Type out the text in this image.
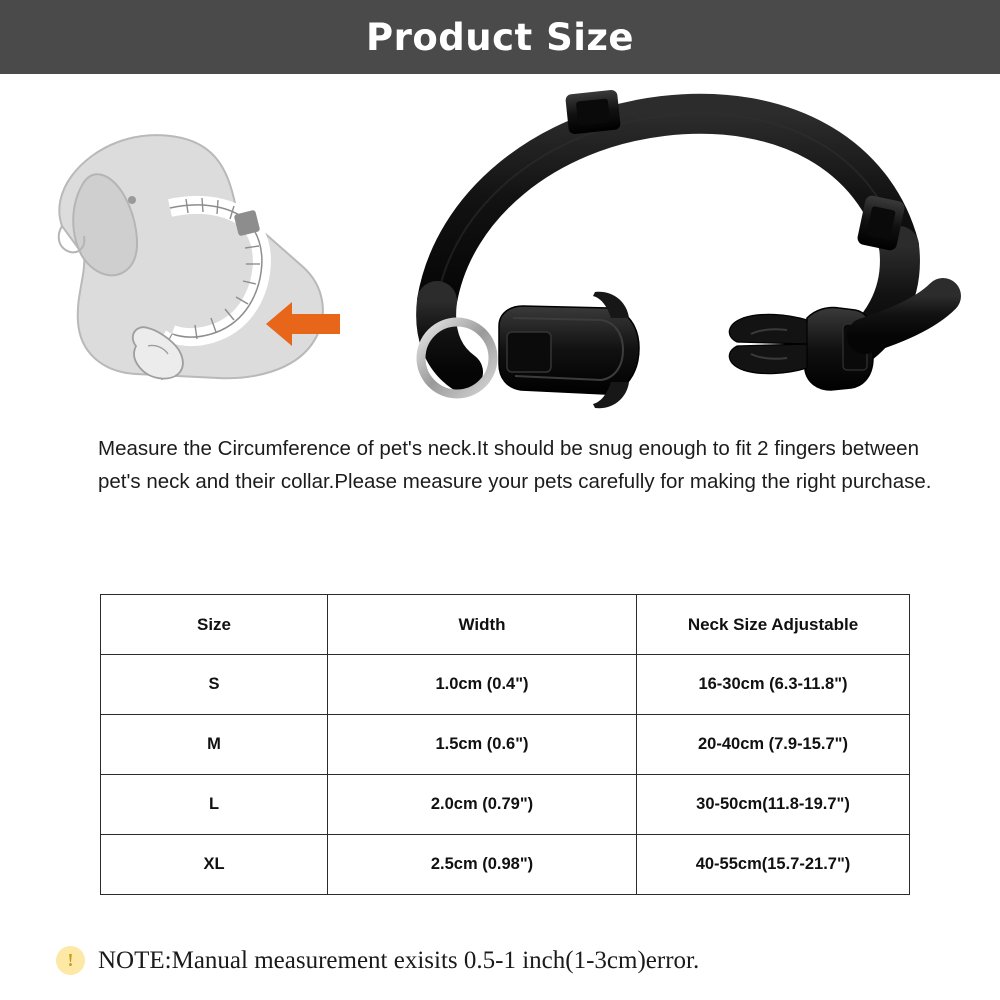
Product Size
Measure the Circumference of pet's neck.It should be snug enough to fit 2 fingers between pet's neck and their collar.Please measure your pets carefully for making the right purchase.
Size	Width	Neck Size Adjustable
S	1.0cm (0.4")	16-30cm (6.3-11.8")
M	1.5cm (0.6")	20-40cm (7.9-15.7")
L	2.0cm (0.79")	30-50cm(11.8-19.7")
XL	2.5cm (0.98")	40-55cm(15.7-21.7")
! NOTE:Manual measurement exisits 0.5-1 inch(1-3cm)error.
